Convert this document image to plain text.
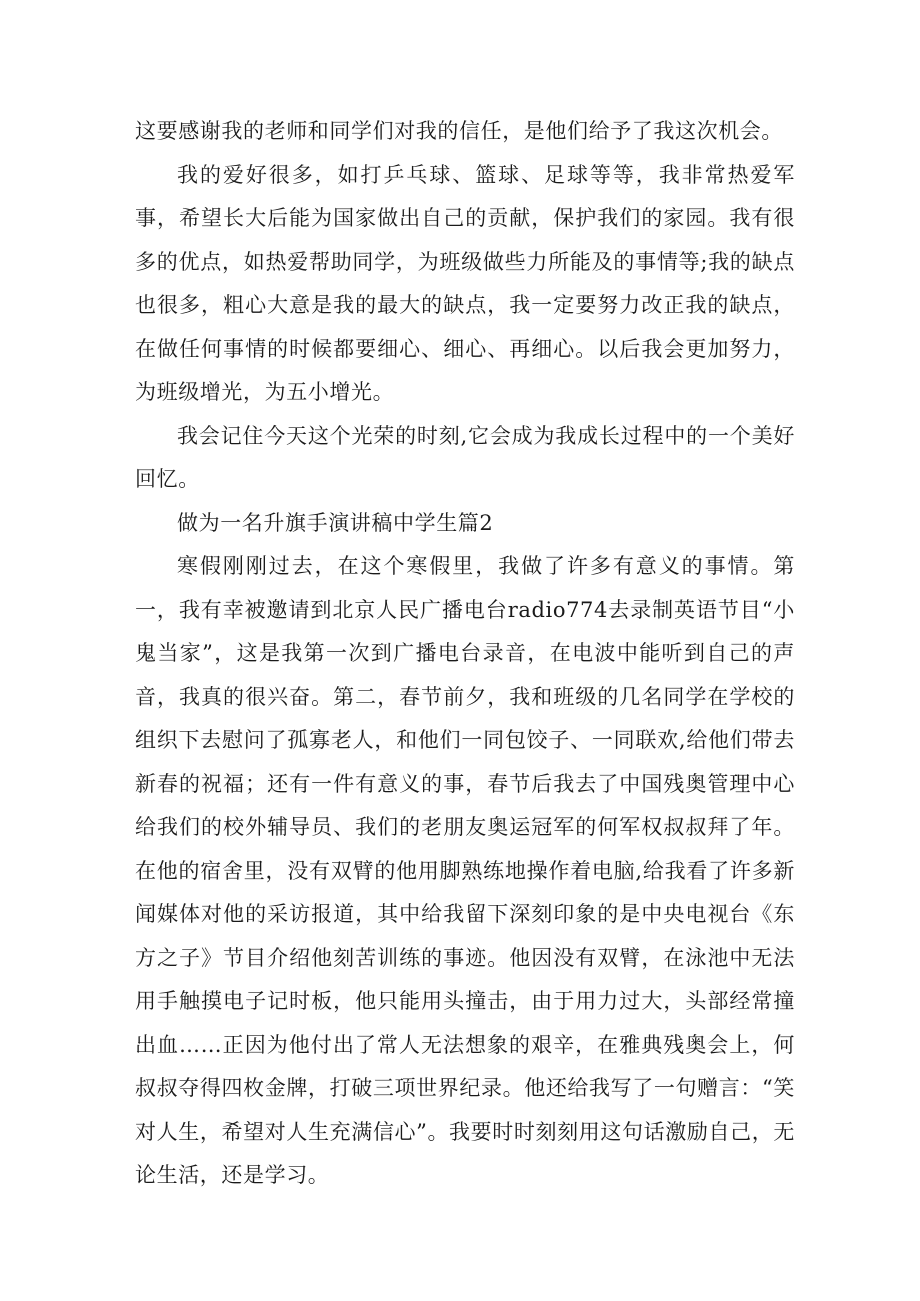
这要感谢我的老师和同学们对我的信任，是他们给予了我这次机会。

我的爱好很多，如打乒乓球、篮球、足球等等，我非常热爱军事，希望长大后能为国家做出自己的贡献，保护我们的家园。我有很多的优点，如热爱帮助同学，为班级做些力所能及的事情等;我的缺点也很多，粗心大意是我的最大的缺点，我一定要努力改正我的缺点，在做任何事情的时候都要细心、细心、再细心。以后我会更加努力，为班级增光，为五小增光。

我会记住今天这个光荣的时刻,它会成为我成长过程中的一个美好回忆。

做为一名升旗手演讲稿中学生篇2

寒假刚刚过去，在这个寒假里，我做了许多有意义的事情。第一，我有幸被邀请到北京人民广播电台radio774去录制英语节目“小鬼当家”，这是我第一次到广播电台录音，在电波中能听到自己的声音，我真的很兴奋。第二，春节前夕，我和班级的几名同学在学校的组织下去慰问了孤寡老人，和他们一同包饺子、一同联欢,给他们带去新春的祝福；还有一件有意义的事，春节后我去了中国残奥管理中心给我们的校外辅导员、我们的老朋友奥运冠军的何军权叔叔拜了年。在他的宿舍里，没有双臂的他用脚熟练地操作着电脑,给我看了许多新闻媒体对他的采访报道，其中给我留下深刻印象的是中央电视台《东方之子》节目介绍他刻苦训练的事迹。他因没有双臂，在泳池中无法用手触摸电子记时板，他只能用头撞击，由于用力过大，头部经常撞出血……正因为他付出了常人无法想象的艰辛，在雅典残奥会上，何叔叔夺得四枚金牌，打破三项世界纪录。他还给我写了一句赠言：“笑对人生，希望对人生充满信心”。我要时时刻刻用这句话激励自己，无论生活，还是学习。
